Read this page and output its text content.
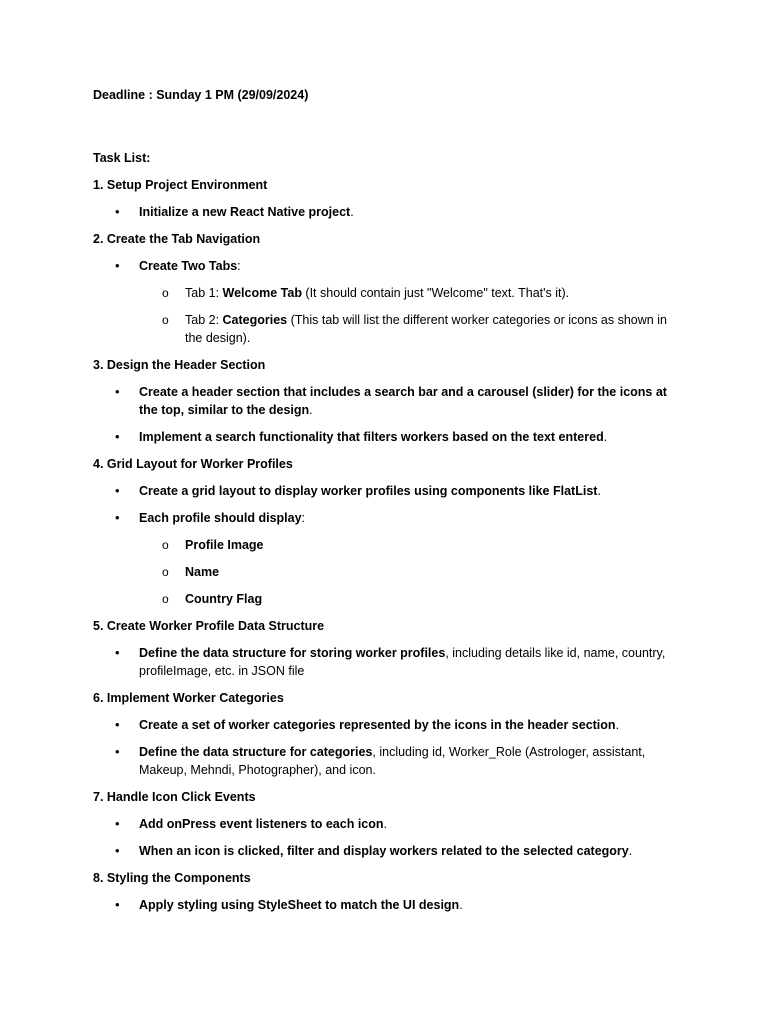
Deadline : Sunday 1 PM (29/09/2024)

Task List:

1. Setup Project Environment

• Initialize a new React Native project.

2. Create the Tab Navigation

• Create Two Tabs:
o Tab 1: Welcome Tab (It should contain just "Welcome" text. That's it).
o Tab 2: Categories (This tab will list the different worker categories or icons as shown in the design).

3. Design the Header Section

• Create a header section that includes a search bar and a carousel (slider) for the icons at the top, similar to the design.
• Implement a search functionality that filters workers based on the text entered.

4. Grid Layout for Worker Profiles

• Create a grid layout to display worker profiles using components like FlatList.
• Each profile should display:
o Profile Image
o Name
o Country Flag

5. Create Worker Profile Data Structure

• Define the data structure for storing worker profiles, including details like id, name, country, profileImage, etc. in JSON file

6. Implement Worker Categories

• Create a set of worker categories represented by the icons in the header section.
• Define the data structure for categories, including id, Worker_Role (Astrologer, assistant, Makeup, Mehndi, Photographer), and icon.

7. Handle Icon Click Events

• Add onPress event listeners to each icon.
• When an icon is clicked, filter and display workers related to the selected category.

8. Styling the Components

• Apply styling using StyleSheet to match the UI design.
